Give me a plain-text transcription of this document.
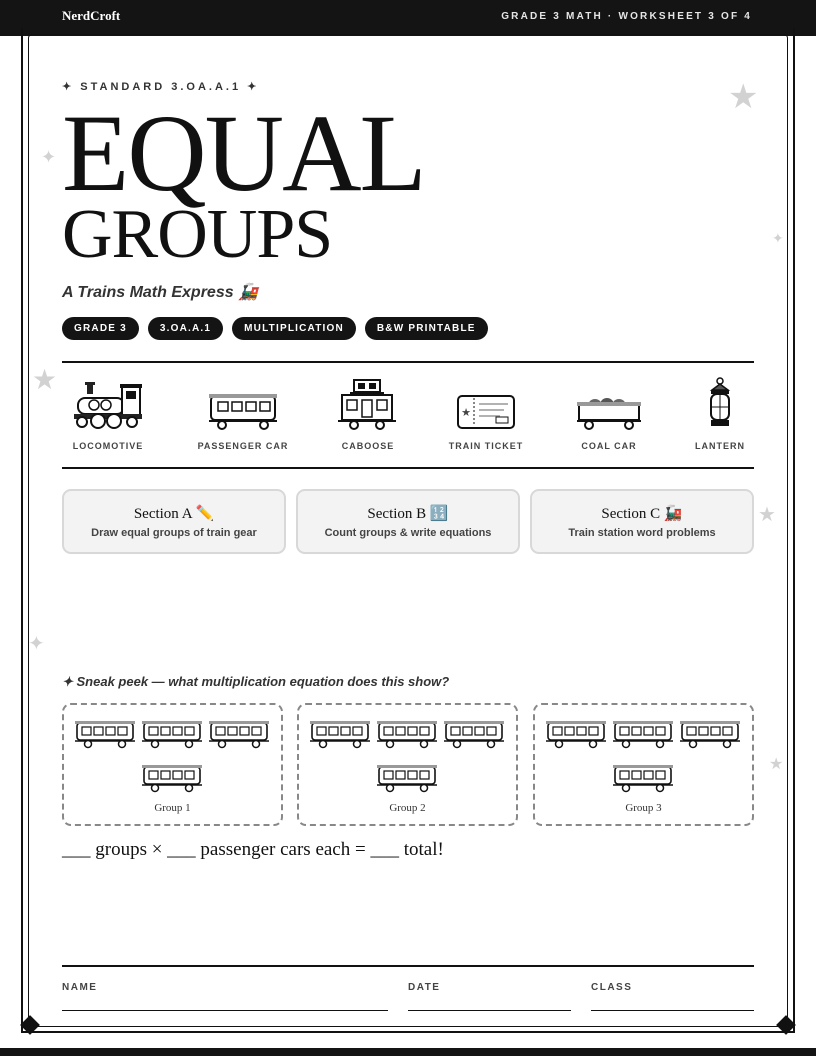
NerdCroft	GRADE 3 MATH · WORKSHEET 3 OF 4
★
✦
✦
★
★
✦
★
✦ STANDARD 3.OA.A.1 ✦
EQUAL
GROUPS
A Trains Math Express 🚂
GRADE 3	3.OA.A.1	MULTIPLICATION	B&W PRINTABLE
LOCOMOTIVE	PASSENGER CAR	CABOOSE
★
TRAIN TICKET	COAL CAR	LANTERN
Section A ✏️
Draw equal groups of train gear
Section B 🔢
Count groups & write equations
Section C 🚂
Train station word problems
✦ Sneak peek — what multiplication equation does this show?
Group 1	Group 2	Group 3
___ groups × ___ passenger cars each = ___ total!
NAME	DATE	CLASS
